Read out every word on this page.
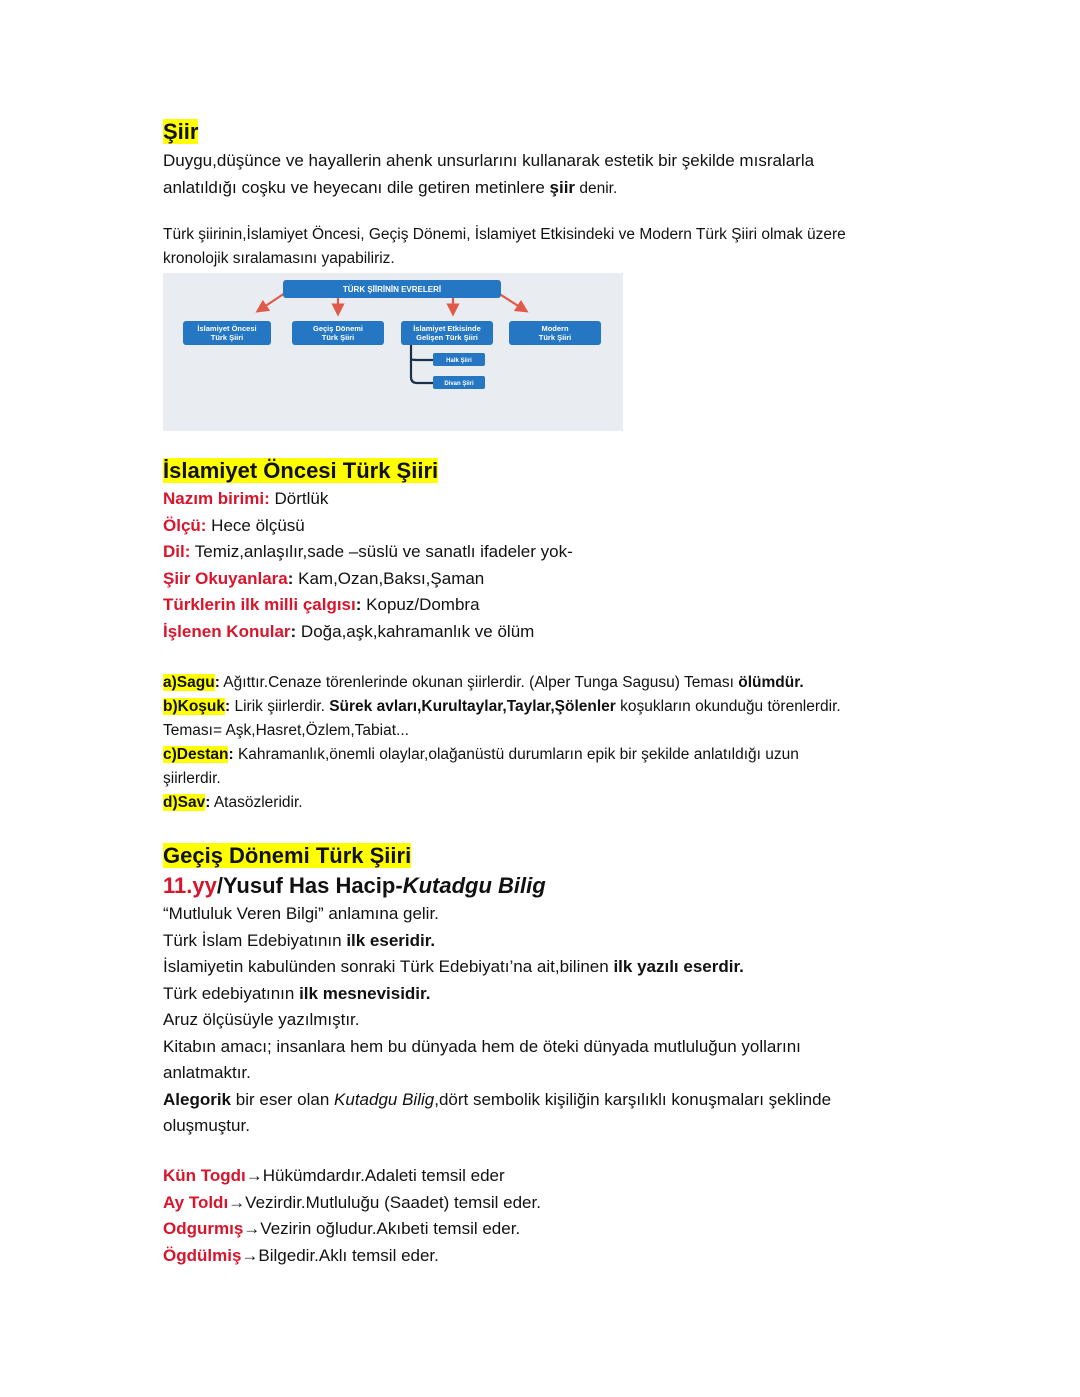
Şiir
Duygu,düşünce ve hayallerin ahenk unsurlarını kullanarak estetik bir şekilde mısralarla
anlatıldığı coşku ve heyecanı dile getiren metinlere şiir denir.
Türk şiirinin,İslamiyet Öncesi, Geçiş Dönemi, İslamiyet Etkisindeki ve Modern Türk Şiiri olmak üzere
kronolojik sıralamasını yapabiliriz.
TÜRK ŞİİRİNİN EVRELERİ
İslamiyet Öncesi
Türk Şiiri
Geçiş Dönemi
Türk Şiiri
İslamiyet Etkisinde
Gelişen Türk Şiiri
Modern
Türk Şiiri
Halk Şiiri
Divan Şiiri
İslamiyet Öncesi Türk Şiiri
Nazım birimi: Dörtlük
Ölçü: Hece ölçüsü
Dil: Temiz,anlaşılır,sade –süslü ve sanatlı ifadeler yok-
Şiir Okuyanlara: Kam,Ozan,Baksı,Şaman
Türklerin ilk milli çalgısı: Kopuz/Dombra
İşlenen Konular: Doğa,aşk,kahramanlık ve ölüm
a)Sagu: Ağıttır.Cenaze törenlerinde okunan şiirlerdir. (Alper Tunga Sagusu) Teması ölümdür.
b)Koşuk: Lirik şiirlerdir. Sürek avları,Kurultaylar,Taylar,Şölenler koşukların okunduğu törenlerdir.
Teması= Aşk,Hasret,Özlem,Tabiat...
c)Destan: Kahramanlık,önemli olaylar,olağanüstü durumların epik bir şekilde anlatıldığı uzun
şiirlerdir.
d)Sav: Atasözleridir.
Geçiş Dönemi Türk Şiiri
11.yy/Yusuf Has Hacip-Kutadgu Bilig
“Mutluluk Veren Bilgi” anlamına gelir.
Türk İslam Edebiyatının ilk eseridir.
İslamiyetin kabulünden sonraki Türk Edebiyatı’na ait,bilinen ilk yazılı eserdir.
Türk edebiyatının ilk mesnevisidir.
Aruz ölçüsüyle yazılmıştır.
Kitabın amacı; insanlara hem bu dünyada hem de öteki dünyada mutluluğun yollarını
anlatmaktır.
Alegorik bir eser olan Kutadgu Bilig,dört sembolik kişiliğin karşılıklı konuşmaları şeklinde
oluşmuştur.
Kün Togdı→Hükümdardır.Adaleti temsil eder
Ay Toldı→Vezirdir.Mutluluğu (Saadet) temsil eder.
Odgurmış→Vezirin oğludur.Akıbeti temsil eder.
Ögdülmiş→Bilgedir.Aklı temsil eder.
